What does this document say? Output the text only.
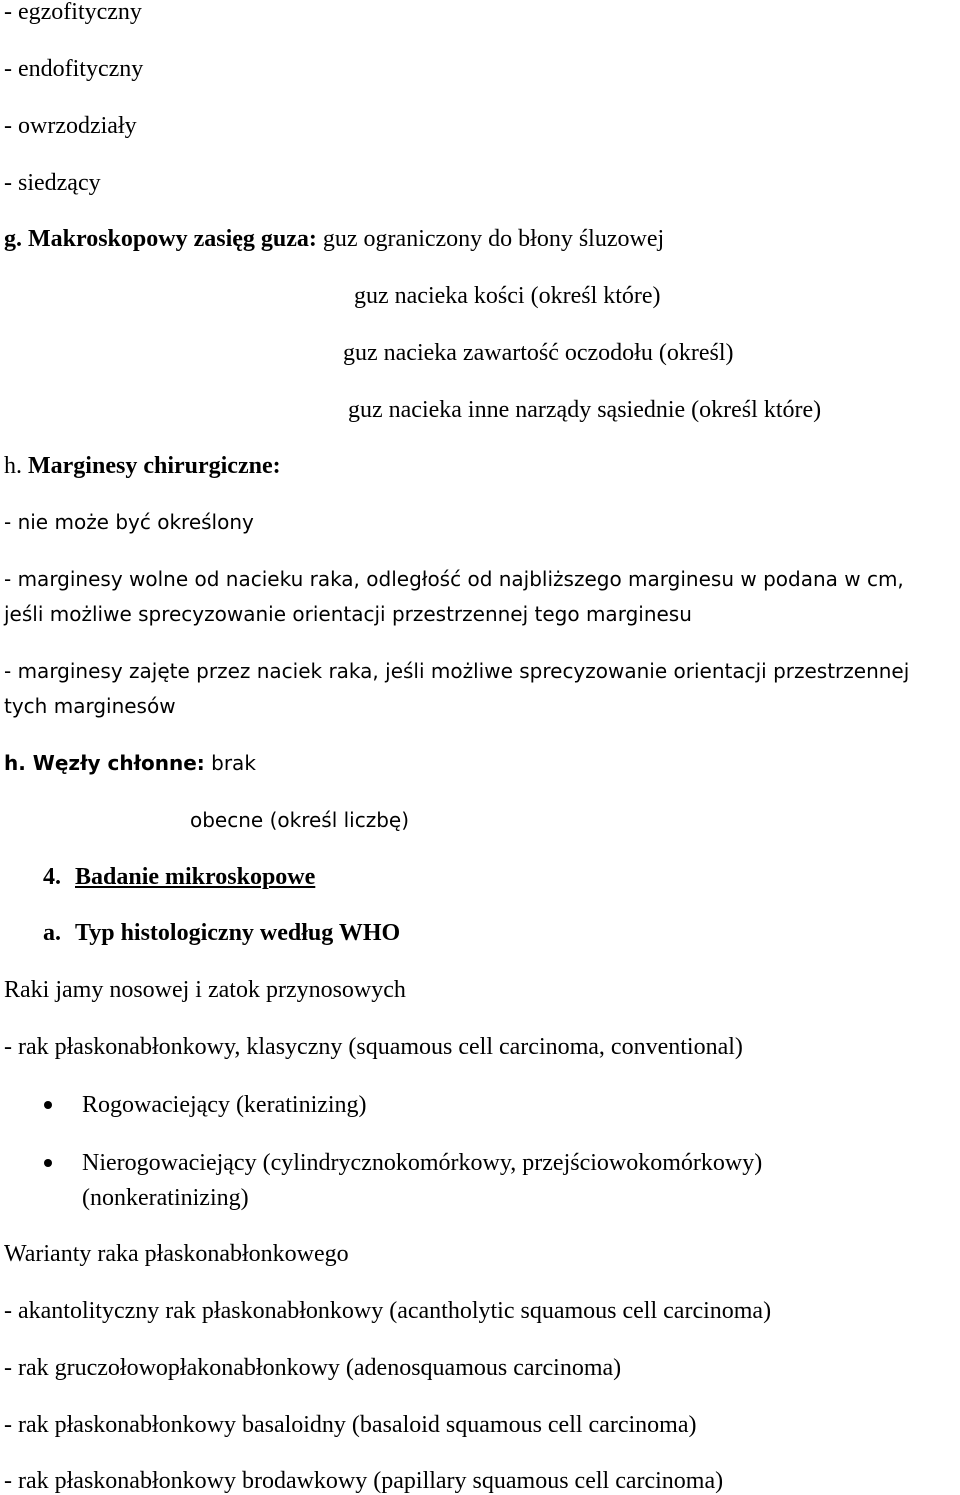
- egzofityczny
- endofityczny
- owrzodziały
- siedzący
g. Makroskopowy zasięg guza: guz ograniczony do błony śluzowej
guz nacieka kości (określ które)
guz nacieka zawartość oczodołu (określ)
guz nacieka inne narządy sąsiednie (określ które)
h. Marginesy chirurgiczne:
- nie może być określony
- marginesy wolne od nacieku raka, odległość od najbliższego marginesu w podana w cm,
jeśli możliwe sprecyzowanie orientacji przestrzennej tego marginesu
- marginesy zajęte przez naciek raka, jeśli możliwe sprecyzowanie orientacji przestrzennej
tych marginesów
h. Węzły chłonne: brak
obecne (określ liczbę)
4. Badanie mikroskopowe
a. Typ histologiczny według WHO
Raki jamy nosowej i zatok przynosowych
- rak płaskonabłonkowy, klasyczny (squamous cell carcinoma, conventional)
Rogowaciejący (keratinizing)
Nierogowaciejący (cylindrycznokomórkowy, przejściowokomórkowy)
(nonkeratinizing)
Warianty raka płaskonabłonkowego
- akantolityczny rak płaskonabłonkowy (acantholytic squamous cell carcinoma)
- rak gruczołowopłakonabłonkowy (adenosquamous carcinoma)
- rak płaskonabłonkowy basaloidny (basaloid squamous cell carcinoma)
- rak płaskonabłonkowy brodawkowy (papillary squamous cell carcinoma)
